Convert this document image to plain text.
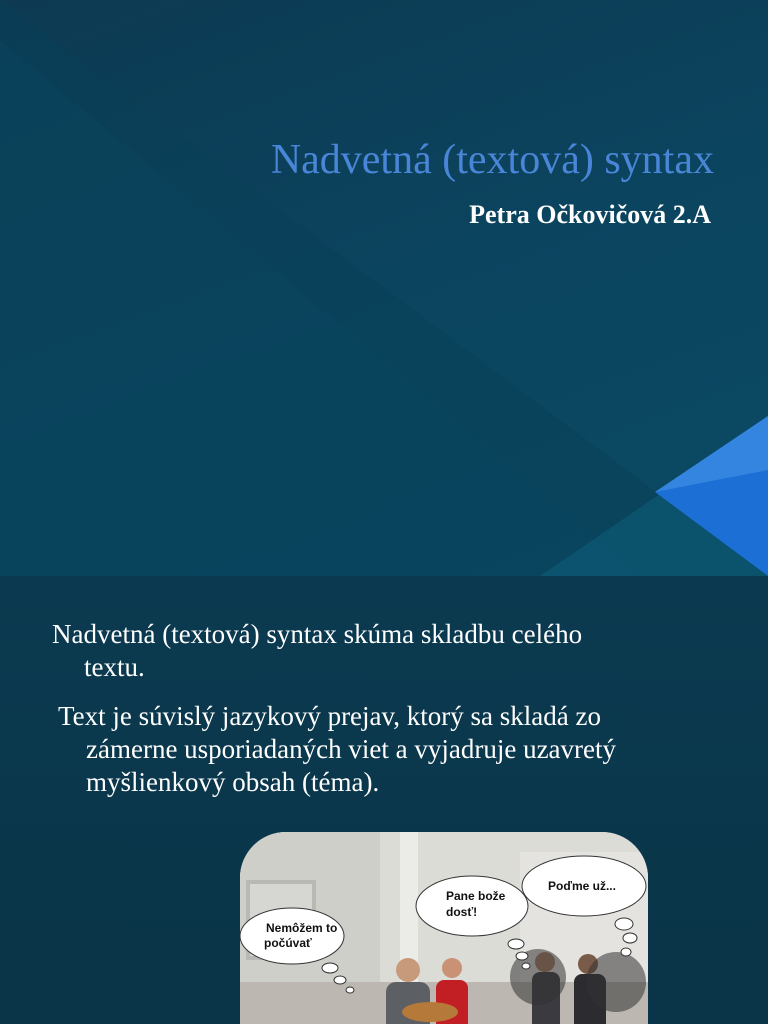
Nadvetná (textová) syntax
Petra Očkovičová 2.A
Nadvetná (textová) syntax skúma skladbu celého
textu.
Text je súvislý jazykový prejav, ktorý sa skladá zo
zámerne usporiadaných viet a vyjadruje uzavretý
myšlienkový obsah (téma).
Nemôžem to
počúvať
Pane bože
dosť!
Poďme už...
